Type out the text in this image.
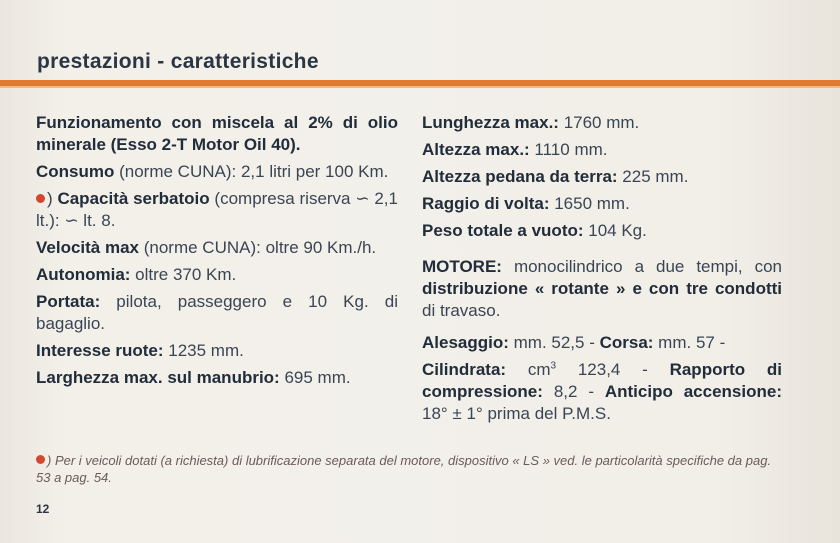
prestazioni - caratteristiche

Funzionamento con miscela al 2% di olio minerale (Esso 2-T Motor Oil 40).

Consumo (norme CUNA): 2,1 litri per 100 Km.

) Capacità serbatoio (compresa riserva ∽ 2,1 lt.): ∽ lt. 8.

Velocità max (norme CUNA): oltre 90 Km./h.

Autonomia: oltre 370 Km.

Portata: pilota, passeggero e 10 Kg. di bagaglio.

Interesse ruote: 1235 mm.

Larghezza max. sul manubrio: 695 mm.

Lunghezza max.: 1760 mm.

Altezza max.: 1110 mm.

Altezza pedana da terra: 225 mm.

Raggio di volta: 1650 mm.

Peso totale a vuoto: 104 Kg.

MOTORE: monocilindrico a due tempi, con distribuzione « rotante » e con tre condotti di travaso.

Alesaggio: mm. 52,5 - Corsa: mm. 57 -

Cilindrata: $cm^3$ 123,4 - Rapporto di compressione: 8,2 - Anticipo accensione: 18° ± 1° prima del P.M.S.

) Per i veicoli dotati (a richiesta) di lubrificazione separata del motore, dispositivo « LS » ved. le particolarità specifiche da pag. 53 a pag. 54.
12
